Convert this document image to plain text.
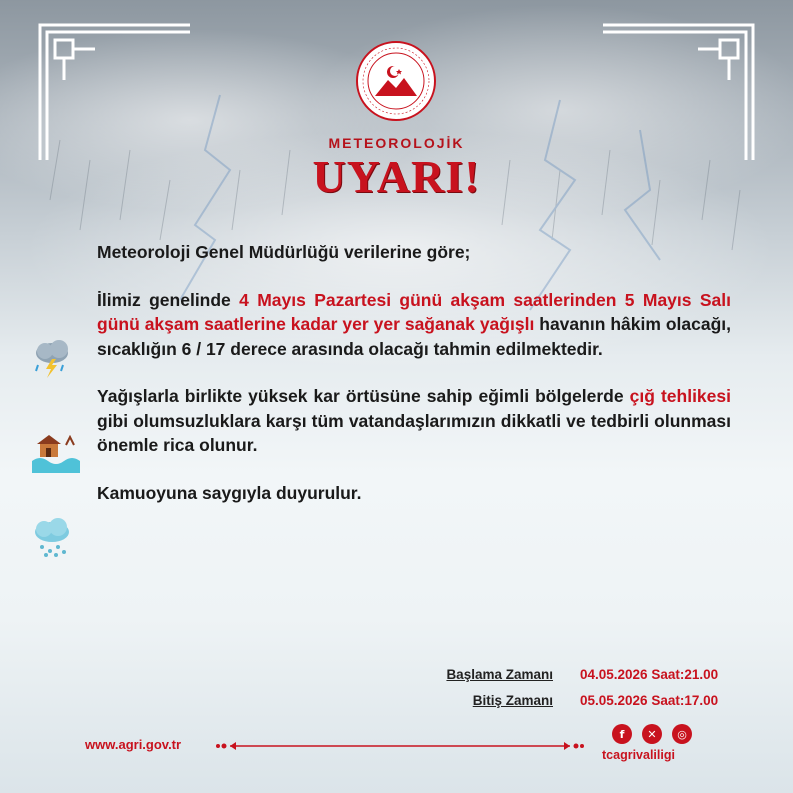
METEOROLOJİK
UYARI!

Meteoroloji Genel Müdürlüğü verilerine göre;

İlimiz genelinde 4 Mayıs Pazartesi günü akşam saatlerinden 5 Mayıs Salı günü akşam saatlerine kadar yer yer sağanak yağışlı havanın hâkim olacağı, sıcaklığın 6 / 17 derece arasında olacağı tahmin edilmektedir.

Yağışlarla birlikte yüksek kar örtüsüne sahip eğimli bölgelerde çığ tehlikesi gibi olumsuzluklara karşı tüm vatandaşlarımızın dikkatli ve tedbirli olunması önemle rica olunur.

Kamuoyuna saygıyla duyurulur.

Başlama Zamanı 04.05.2026 Saat:21.00
Bitiş Zamanı 05.05.2026 Saat:17.00
www.agri.gov.tr
f	✕	◎
tcagrivaliligi
